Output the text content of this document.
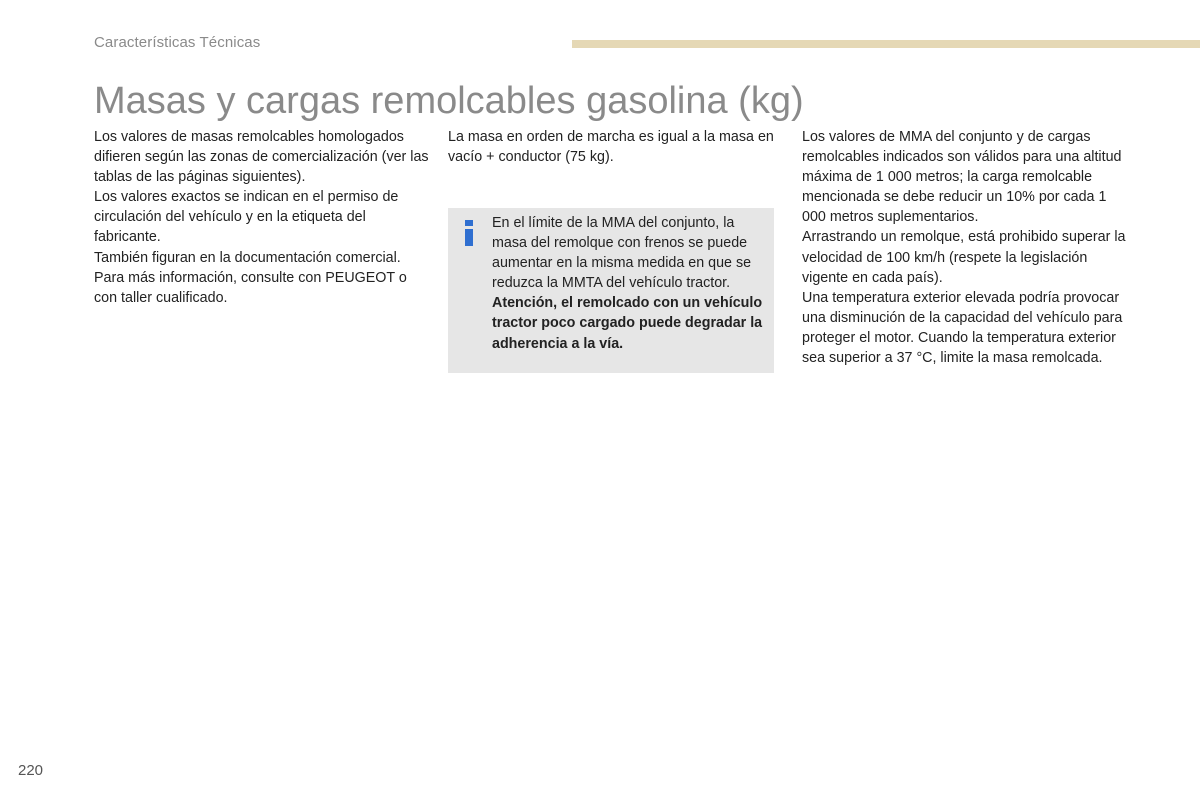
Características Técnicas
Masas y cargas remolcables gasolina (kg)

Los valores de masas remolcables homologados difieren según las zonas de comercialización (ver las tablas de las páginas siguientes).

Los valores exactos se indican en el permiso de circulación del vehículo y en la etiqueta del fabricante.

También figuran en la documentación comercial.

Para más información, consulte con PEUGEOT o con taller cualificado.

La masa en orden de marcha es igual a la masa en vacío + conductor (75 kg).

En el límite de la MMA del conjunto, la masa del remolque con frenos se puede aumentar en la misma medida en que se reduzca la MMTA del vehículo tractor. Atención, el remolcado con un vehículo tractor poco cargado puede degradar la adherencia a la vía.

Los valores de MMA del conjunto y de cargas remolcables indicados son válidos para una altitud máxima de 1 000 metros; la carga remolcable mencionada se debe reducir un 10% por cada 1 000 metros suplementarios.

Arrastrando un remolque, está prohibido superar la velocidad de 100 km/h (respete la legislación vigente en cada país).

Una temperatura exterior elevada podría provocar una disminución de la capacidad del vehículo para proteger el motor. Cuando la temperatura exterior sea superior a 37 °C, limite la masa remolcada.

220
